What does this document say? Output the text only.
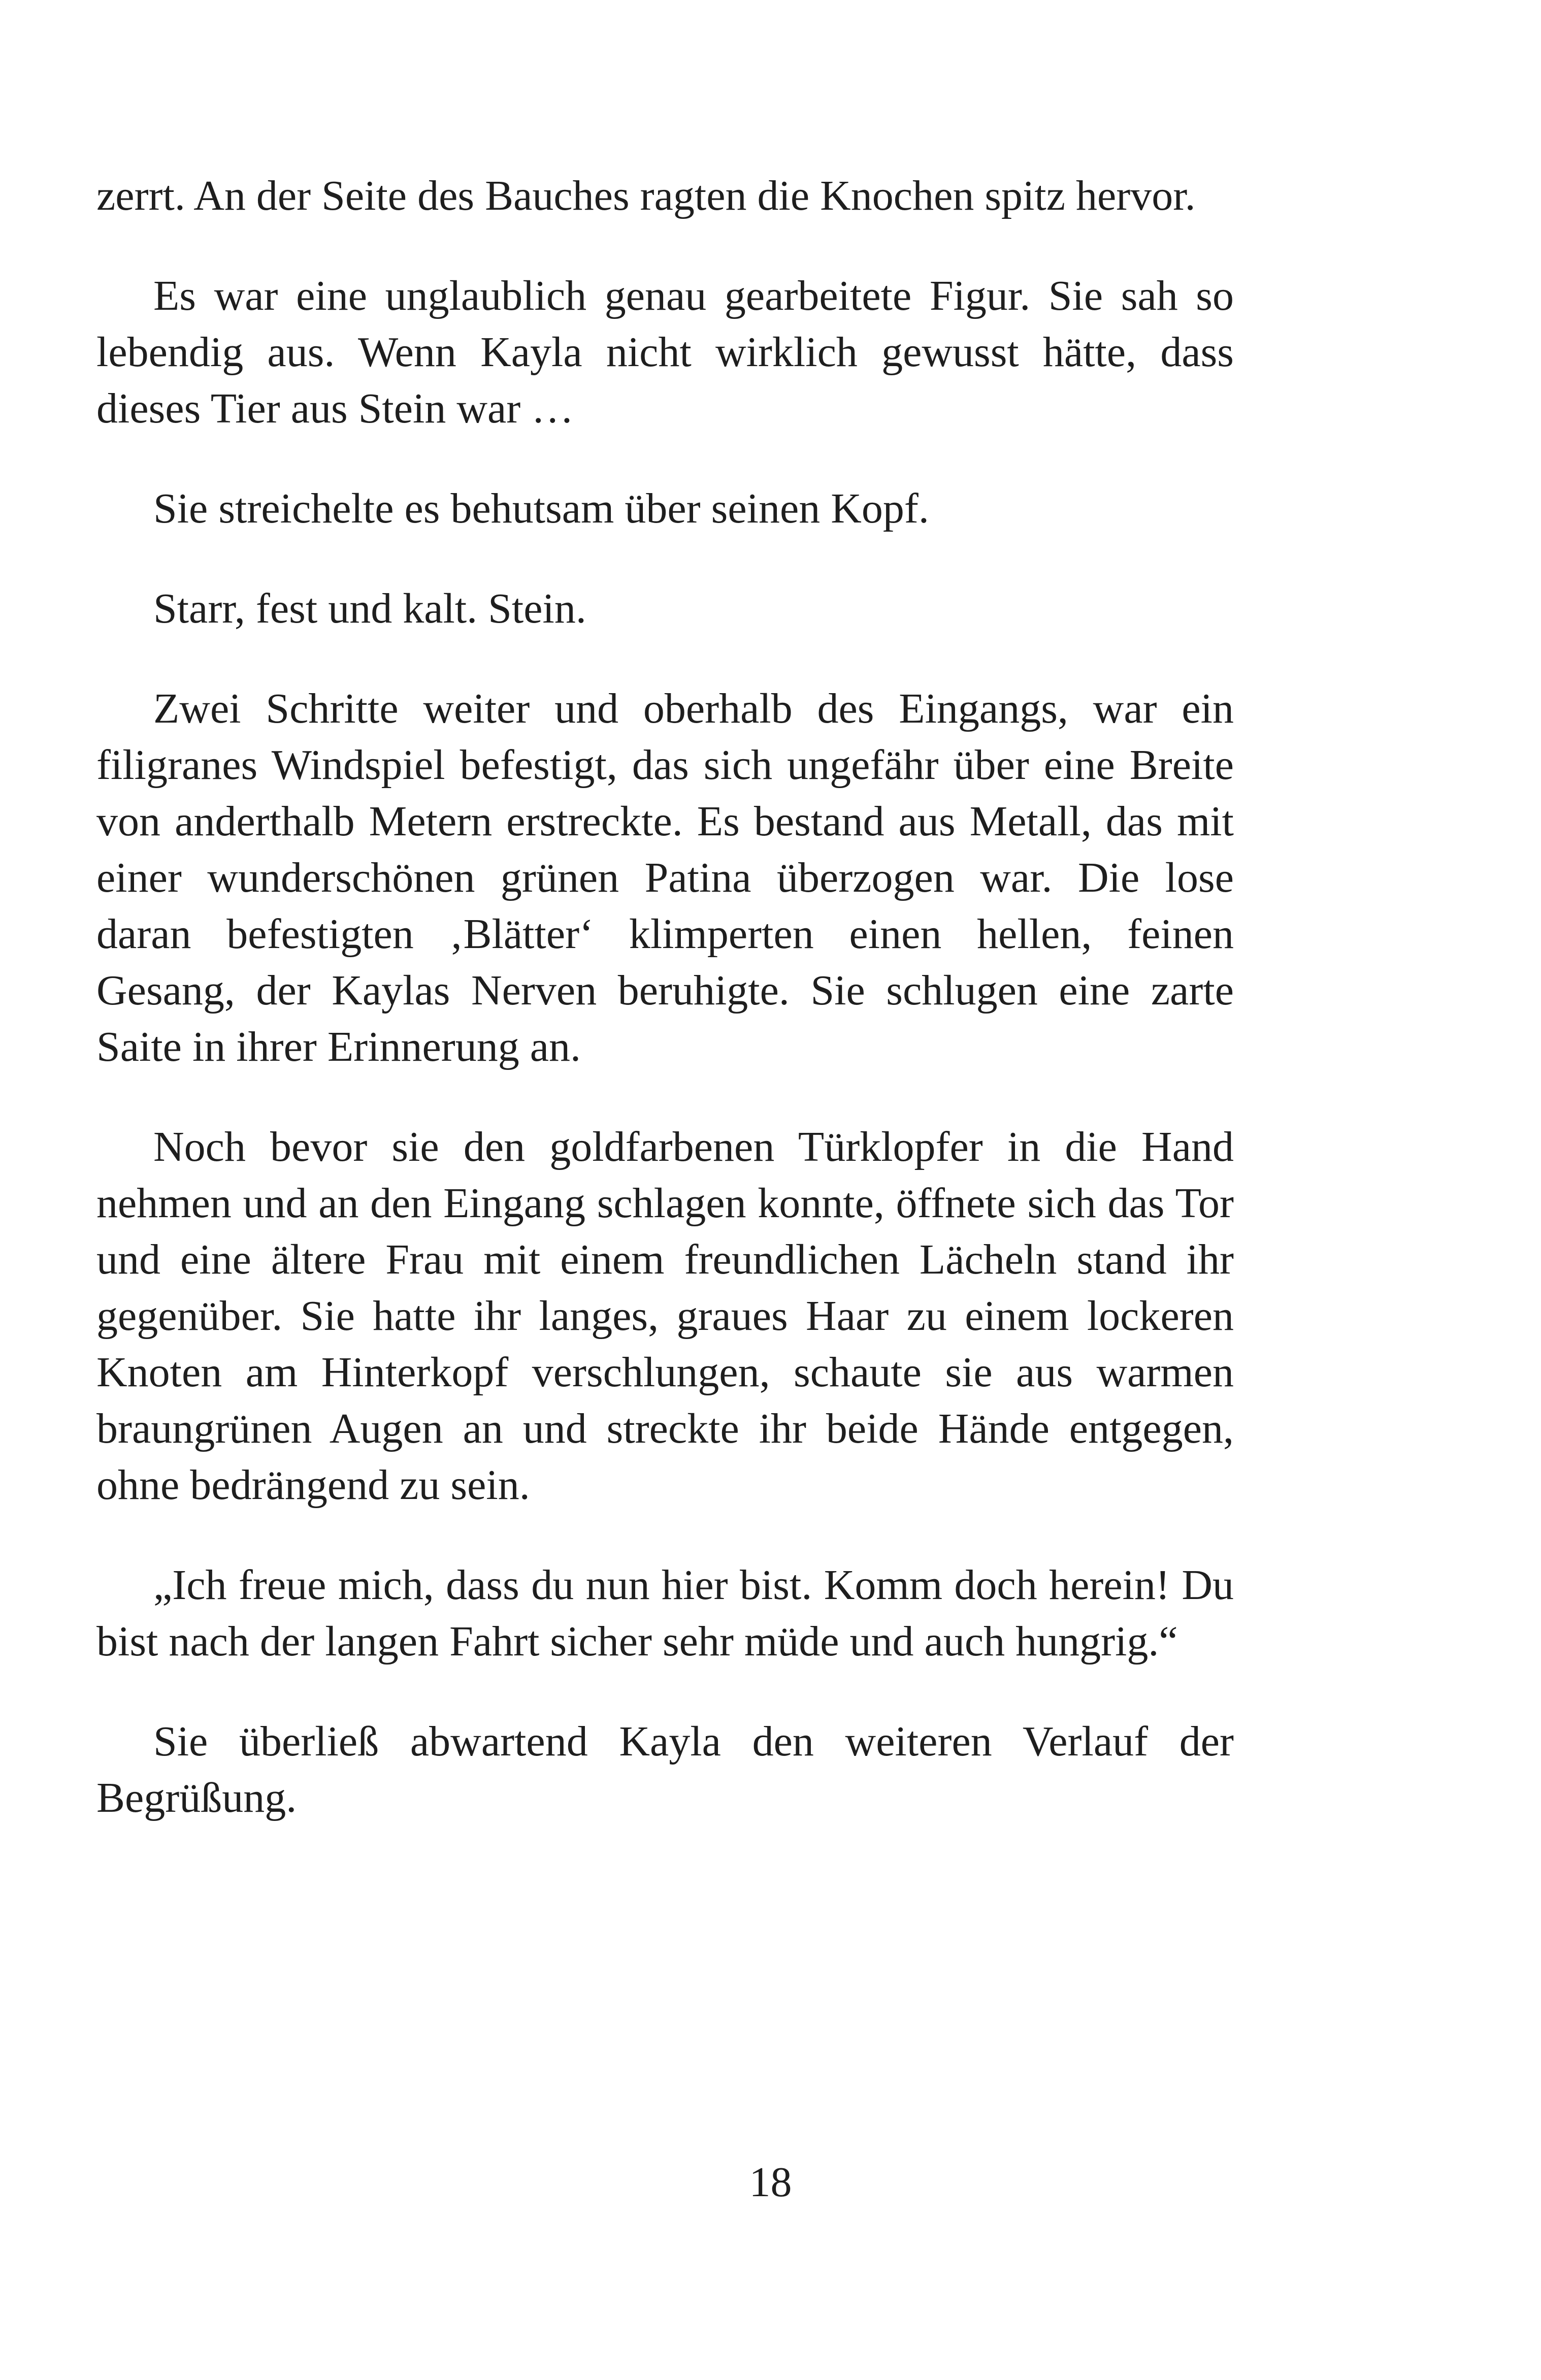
zerrt. An der Seite des Bauches ragten die Knochen spitz hervor.

Es war eine unglaublich genau gearbeitete Figur. Sie sah so lebendig aus. Wenn Kayla nicht wirklich gewusst hätte, dass dieses Tier aus Stein war …

Sie streichelte es behutsam über seinen Kopf.

Starr, fest und kalt. Stein.

Zwei Schritte weiter und oberhalb des Eingangs, war ein filigranes Windspiel befestigt, das sich ungefähr über eine Breite von anderthalb Metern erstreckte. Es bestand aus Metall, das mit einer wunderschönen grünen Patina überzogen war. Die lose daran befestigten ‚Blätter‘ klimperten einen hellen, feinen Gesang, der Kaylas Nerven beruhigte. Sie schlugen eine zarte Saite in ihrer Erinnerung an.

Noch bevor sie den goldfarbenen Türklopfer in die Hand nehmen und an den Eingang schlagen konnte, öffnete sich das Tor und eine ältere Frau mit einem freundlichen Lächeln stand ihr gegenüber. Sie hatte ihr langes, graues Haar zu einem lockeren Knoten am Hinterkopf verschlungen, schaute sie aus warmen braungrünen Augen an und streckte ihr beide Hände entgegen, ohne bedrängend zu sein.

„Ich freue mich, dass du nun hier bist. Komm doch herein! Du bist nach der langen Fahrt sicher sehr müde und auch hungrig.“

Sie überließ abwartend Kayla den weiteren Verlauf der Begrüßung.

18
